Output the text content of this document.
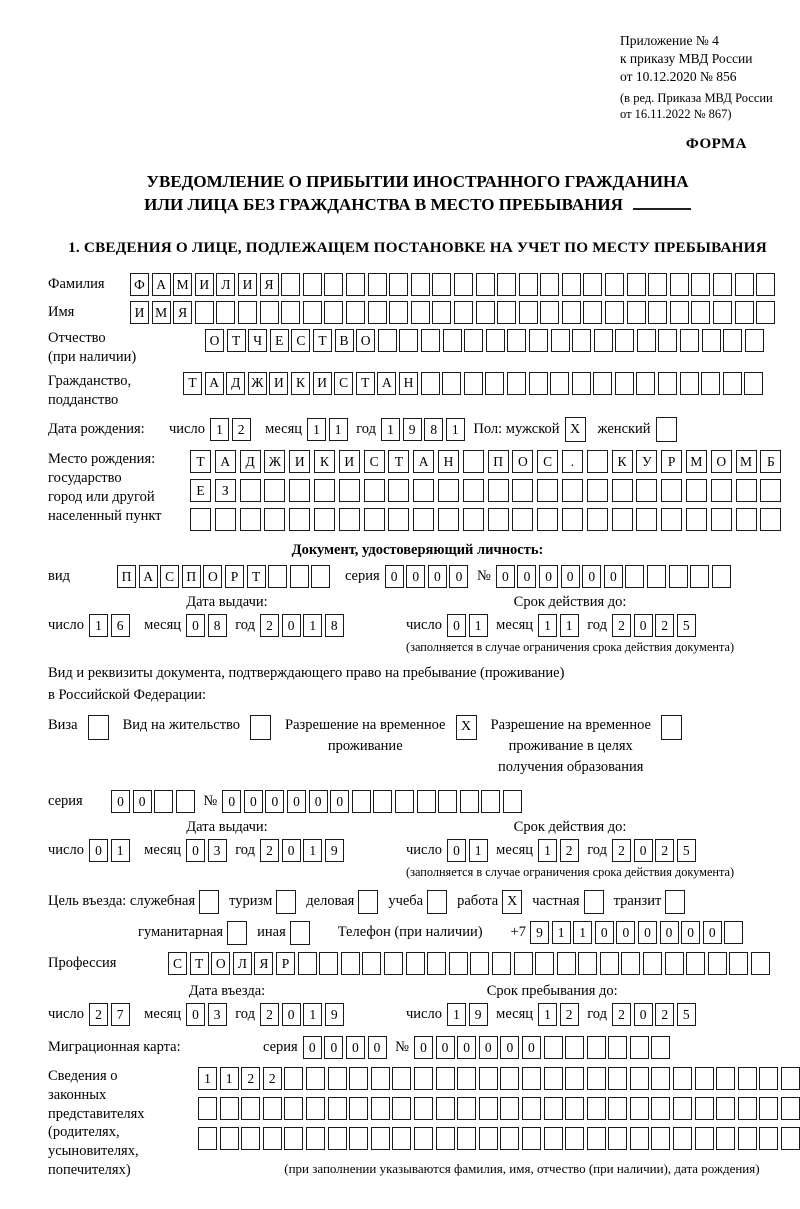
Приложение № 4
к приказу МВД России
от 10.12.2020 № 856
(в ред. Приказа МВД России
от 16.11.2022 № 867)
ФОРМА
УВЕДОМЛЕНИЕ О ПРИБЫТИИ ИНОСТРАННОГО ГРАЖДАНИНА
ИЛИ ЛИЦА БЕЗ ГРАЖДАНСТВА В МЕСТО ПРЕБЫВАНИЯ
1. СВЕДЕНИЯ О ЛИЦЕ, ПОДЛЕЖАЩЕМ ПОСТАНОВКЕ НА УЧЕТ ПО МЕСТУ ПРЕБЫВАНИЯ
Фамилия	Ф А М И Л И Я
Имя	И М Я
Отчество
(при наличии)
О Т Ч Е С Т В О
Гражданство,
подданство
Т А Д Ж И К И С Т А Н
Дата рождения:	число 1	2	месяц 1	1	год 1	9	8	1	Пол: мужской X	женский
Место рождения:
государство
город или другой
населенный пункт
Т	А	Д	Ж	И	К	И	С	Т	А	Н	П	О	С	.	К	У	Р	М	О	М	Б

Е	З

Документ, удостоверяющий личность:
вид	П А С П О Р	Т	серия 0	0	0	0	№ 0	0	0	0	0	0
Дата выдачи:
число 1	6	месяц 0	8	год 2	0	1	8
Срок действия до:
число 0	1	месяц 1	1	год 2	0	2	5
(заполняется в случае ограничения срока действия документа)
Вид и реквизиты документа, подтверждающего право на пребывание (проживание)
в Российской Федерации:
Виза	Вид на жительство	Разрешение на временное
проживание
X	Разрешение на временное
проживание в целях
получения образования
серия	0	0	№ 0	0	0	0	0	0
Дата выдачи:
число 0	1	месяц 0	3	год 2	0	1	9
Срок действия до:
число 0	1	месяц 1	2	год 2	0	2	5
(заполняется в случае ограничения срока действия документа)
Цель въезда: служебная туризм деловая учеба работа X	частная транзит
гуманитарная иная	Телефон (при наличии) +7 9	1	1	0	0	0	0	0	0
Профессия	С Т О Л Я Р
Дата въезда:
число 2	7	месяц 0	3	год 2	0	1	9
Срок пребывания до:
число 1	9	месяц 1	2	год 2	0	2	5
Миграционная карта:	серия 0	0	0	0	№ 0	0	0	0	0	0
Сведения о
законных
представителях
(родителях,
усыновителях,
попечителях)
1	1	2	2

(при заполнении указываются фамилия, имя, отчество (при наличии), дата рождения)
